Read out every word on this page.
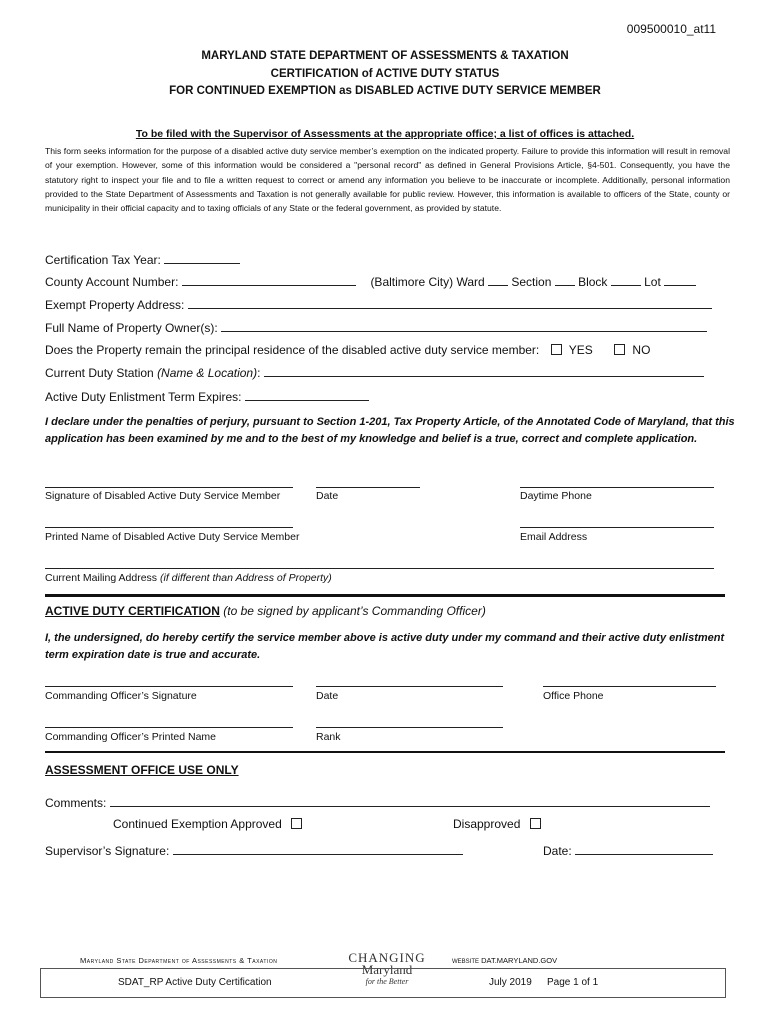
009500010_at11
MARYLAND STATE DEPARTMENT OF ASSESSMENTS & TAXATION
CERTIFICATION of ACTIVE DUTY STATUS
FOR CONTINUED EXEMPTION as DISABLED ACTIVE DUTY SERVICE MEMBER
To be filed with the Supervisor of Assessments at the appropriate office; a list of offices is attached.
This form seeks information for the purpose of a disabled active duty service member’s exemption on the indicated property. Failure to provide this information will result in removal of your exemption. However, some of this information would be considered a "personal record" as defined in General Provisions Article, §4-501. Consequently, you have the statutory right to inspect your file and to file a written request to correct or amend any information you believe to be inaccurate or incomplete. Additionally, personal information provided to the State Department of Assessments and Taxation is not generally available for public review. However, this information is available to officers of the State, county or municipality in their official capacity and to taxing officials of any State or the federal government, as provided by statute.
Certification Tax Year:
County Account Number:	(Baltimore City) Ward Section Block	Lot
Exempt Property Address:
Full Name of Property Owner(s):
Does the Property remain the principal residence of the disabled active duty service member: YES	NO
Current Duty Station (Name & Location):
Active Duty Enlistment Term Expires:
I declare under the penalties of perjury, pursuant to Section 1-201, Tax Property Article, of the Annotated Code of Maryland, that this application has been examined by me and to the best of my knowledge and belief is a true, correct and complete application.
Signature of Disabled Active Duty Service Member	Date	Daytime Phone
Printed Name of Disabled Active Duty Service Member	Email Address
Current Mailing Address (if different than Address of Property)
ACTIVE DUTY CERTIFICATION (to be signed by applicant’s Commanding Officer)
I, the undersigned, do hereby certify the service member above is active duty under my command and their active duty enlistment term expiration date is true and accurate.
Commanding Officer’s Signature	Date	Office Phone
Commanding Officer’s Printed Name	Rank
ASSESSMENT OFFICE USE ONLY
Comments:
Continued Exemption Approved	Disapproved
Supervisor’s Signature:	Date:
Maryland State Department of Assessments & Taxation	CHANGING
Maryland
for the Better
WEBSITE DAT.MARYLAND.GOV
SDAT_RP Active Duty Certification	July 2019 Page 1 of 1
